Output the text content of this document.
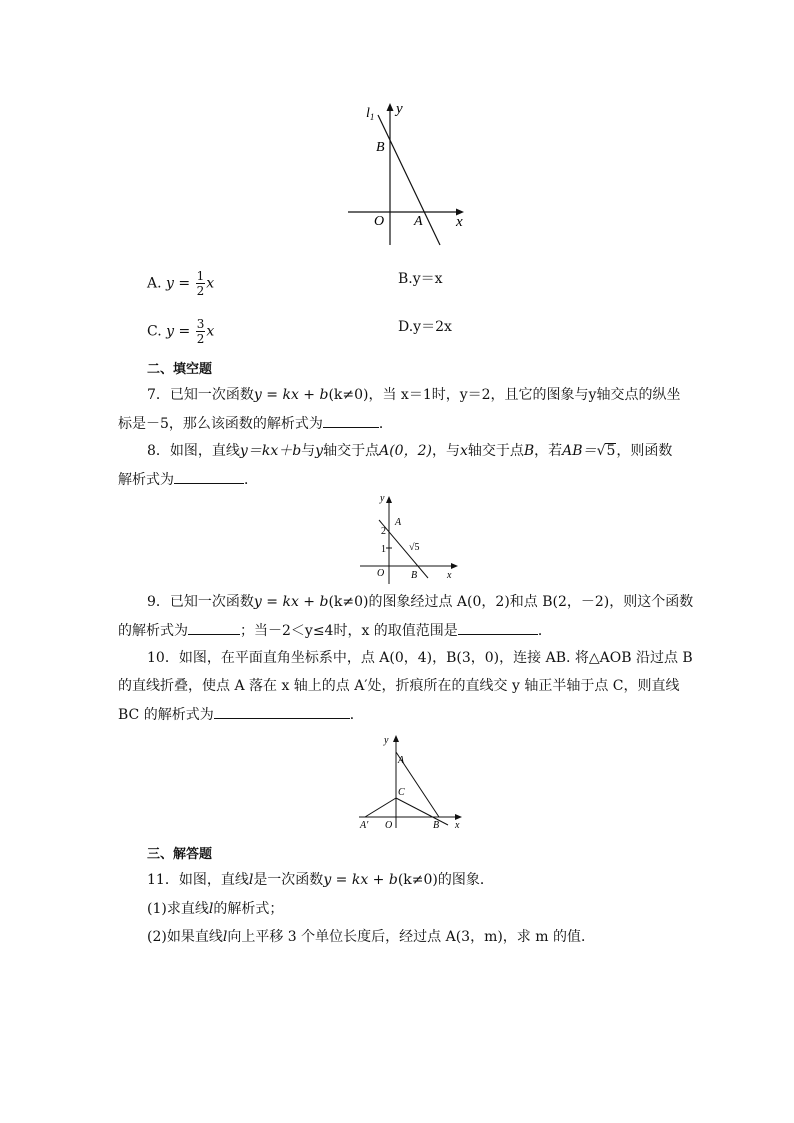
$l_1$ y
B
O A x
A. $y = \frac{1}{2}$ x	B.y＝x
C. $y = \frac{3}{2}$ x	D.y＝2x
二、填空题
7．已知一次函数y = kx + b(k≠0)，当 x＝1时，y＝2，且它的图象与y轴交点的纵坐
标是－5，那么该函数的解析式为	．
8．如图，直线y＝kx＋b与y轴交于点A(0，2)，与x轴交于点B，若AB＝√5，则函数
解析式为	．
y
A
2
1 √5
O	B	x
9．已知一次函数y = kx + b(k≠0)的图象经过点 A(0，2)和点 B(2，－2)，则这个函数
的解析式为	；当－2＜y≤4时，x 的取值范围是	．
10．如图，在平面直角坐标系中，点 A(0，4)，B(3，0)，连接 AB. 将△AOB 沿过点 B
的直线折叠，使点 A 落在 x 轴上的点 A′处，折痕所在的直线交 y 轴正半轴于点 C，则直线
BC 的解析式为	．
y
A
C
A′ O	B x
三、解答题
11．如图，直线l是一次函数y = kx + b(k≠0)的图象．
(1)求直线l的解析式；
(2)如果直线l向上平移 3 个单位长度后，经过点 A(3，m)，求 m 的值．
